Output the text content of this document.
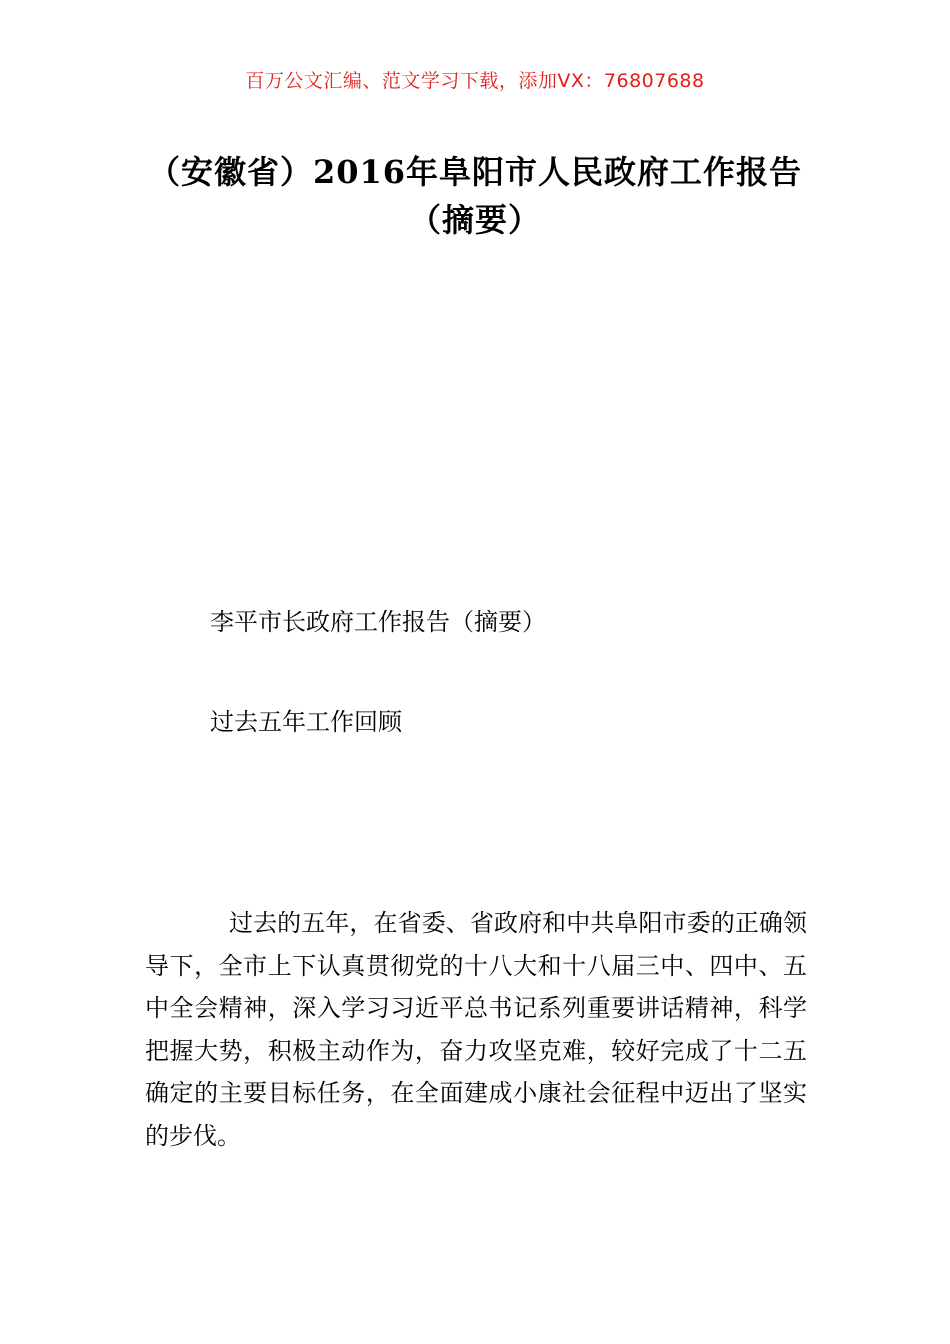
百万公文汇编、范文学习下载，添加VX：76807688
（安徽省）2016年阜阳市人民政府工作报告（摘要）
李平市长政府工作报告（摘要）
过去五年工作回顾

过去的五年，在省委、省政府和中共阜阳市委的正确领导下，全市上下认真贯彻党的十八大和十八届三中、四中、五中全会精神，深入学习习近平总书记系列重要讲话精神，科学把握大势，积极主动作为，奋力攻坚克难，较好完成了十二五确定的主要目标任务，在全面建成小康社会征程中迈出了坚实的步伐。
